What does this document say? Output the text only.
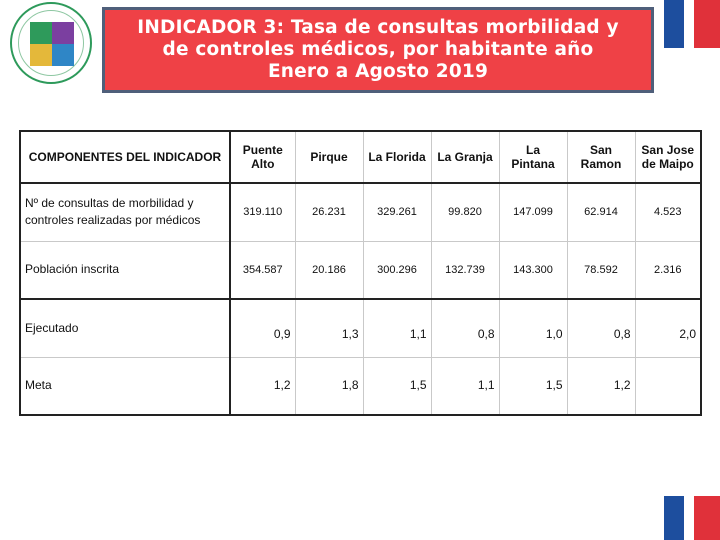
INDICADOR 3: Tasa de consultas morbilidad y
de controles médicos, por habitante año
Enero a Agosto 2019

COMPONENTES DEL INDICADOR	Puente Alto	Pirque	La Florida	La Granja	La Pintana	San Ramon	San Jose de Maipo
Nº de consultas de morbilidad y controles realizadas por médicos	319.110	26.231	329.261	99.820	147.099	62.914	4.523
Población inscrita	354.587	20.186	300.296	132.739	143.300	78.592	2.316
Ejecutado	0,9	1,3	1,1	0,8	1,0	0,8	2,0
Meta	1,2	1,8	1,5	1,1	1,5	1,2	
